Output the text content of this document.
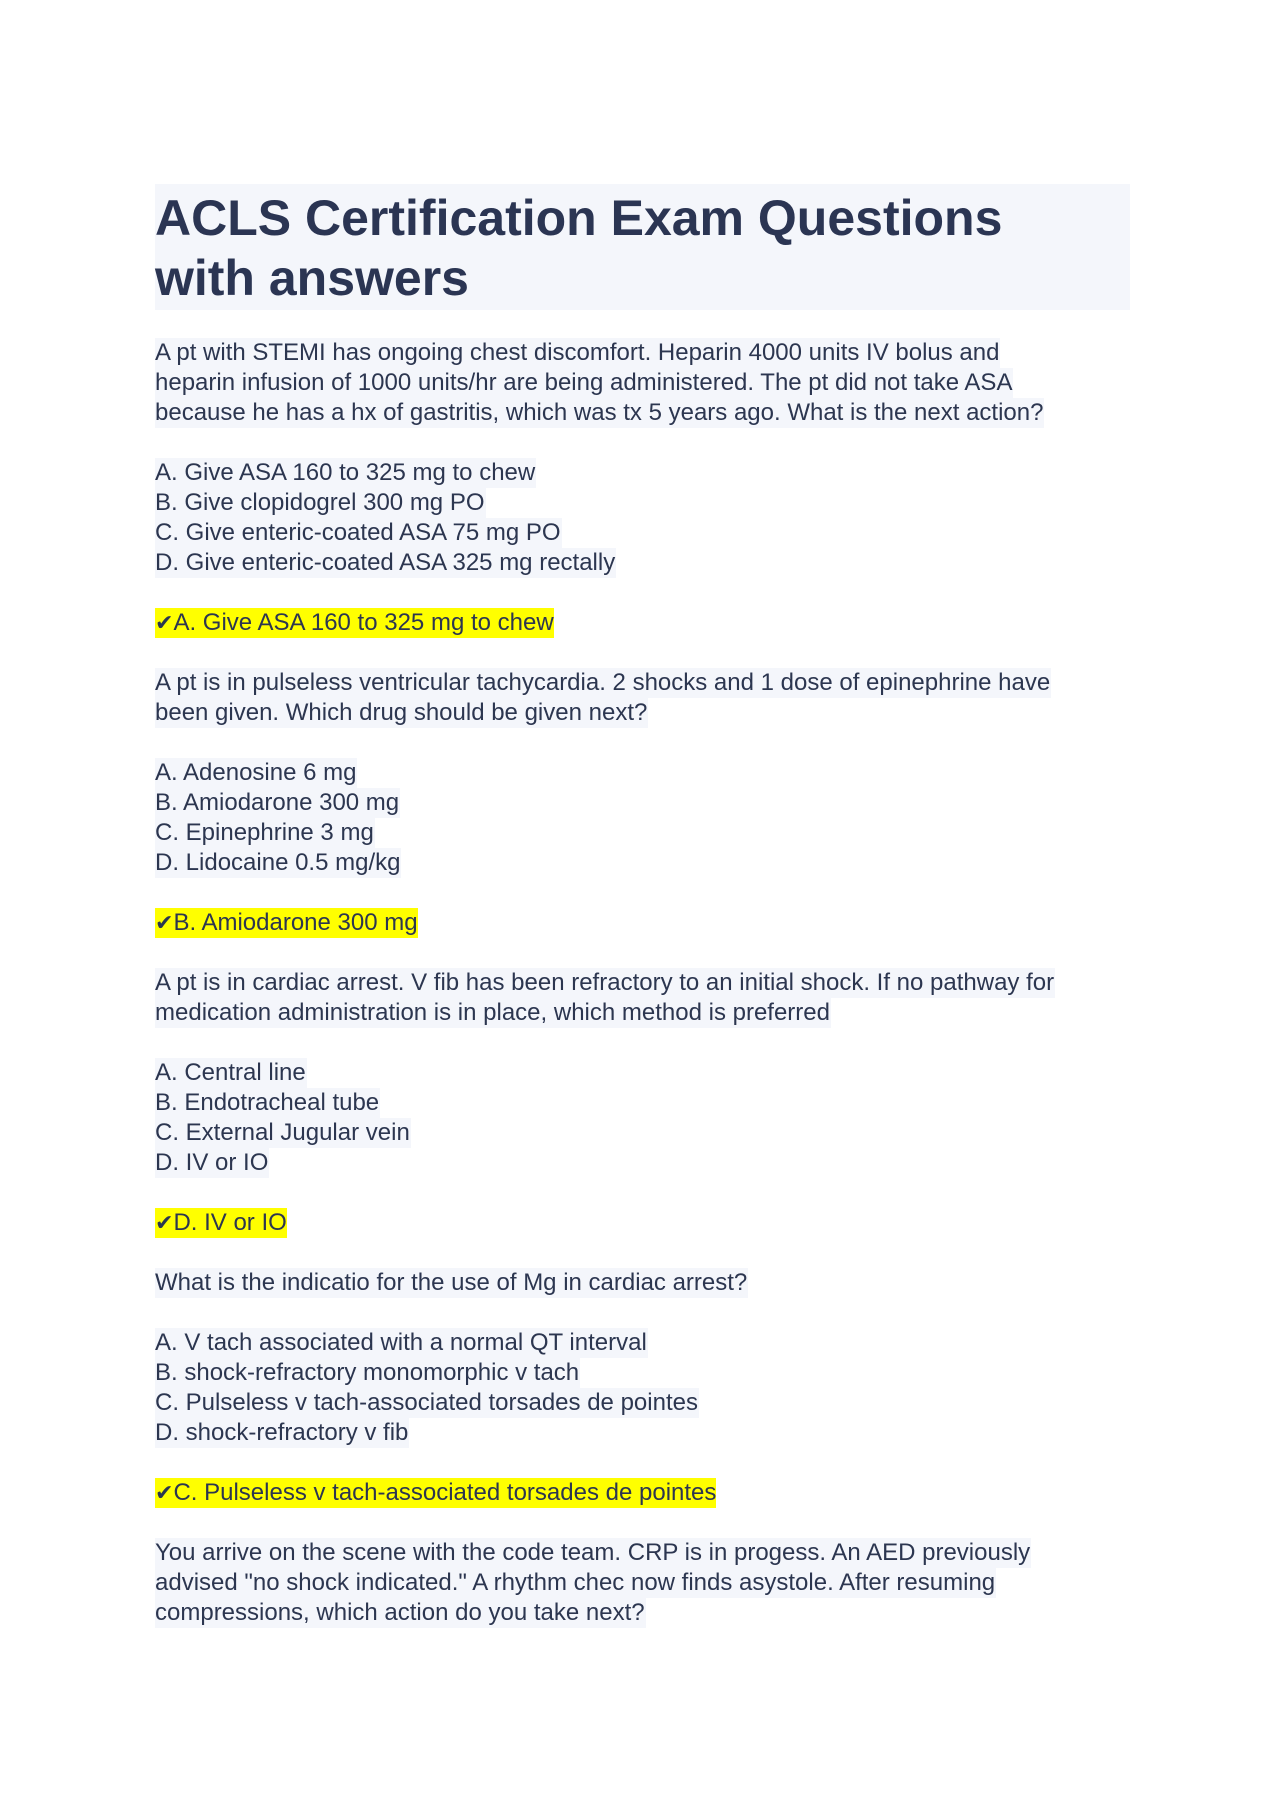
ACLS Certification Exam Questions
with answers
A pt with STEMI has ongoing chest discomfort. Heparin 4000 units IV bolus and
heparin infusion of 1000 units/hr are being administered. The pt did not take ASA
because he has a hx of gastritis, which was tx 5 years ago. What is the next action?
A. Give ASA 160 to 325 mg to chew
B. Give clopidogrel 300 mg PO
C. Give enteric-coated ASA 75 mg PO
D. Give enteric-coated ASA 325 mg rectally
✔A. Give ASA 160 to 325 mg to chew
A pt is in pulseless ventricular tachycardia. 2 shocks and 1 dose of epinephrine have
been given. Which drug should be given next?
A. Adenosine 6 mg
B. Amiodarone 300 mg
C. Epinephrine 3 mg
D. Lidocaine 0.5 mg/kg
✔B. Amiodarone 300 mg
A pt is in cardiac arrest. V fib has been refractory to an initial shock. If no pathway for
medication administration is in place, which method is preferred
A. Central line
B. Endotracheal tube
C. External Jugular vein
D. IV or IO
✔D. IV or IO
What is the indicatio for the use of Mg in cardiac arrest?
A. V tach associated with a normal QT interval
B. shock-refractory monomorphic v tach
C. Pulseless v tach-associated torsades de pointes
D. shock-refractory v fib
✔C. Pulseless v tach-associated torsades de pointes
You arrive on the scene with the code team. CRP is in progess. An AED previously
advised "no shock indicated." A rhythm chec now finds asystole. After resuming
compressions, which action do you take next?
